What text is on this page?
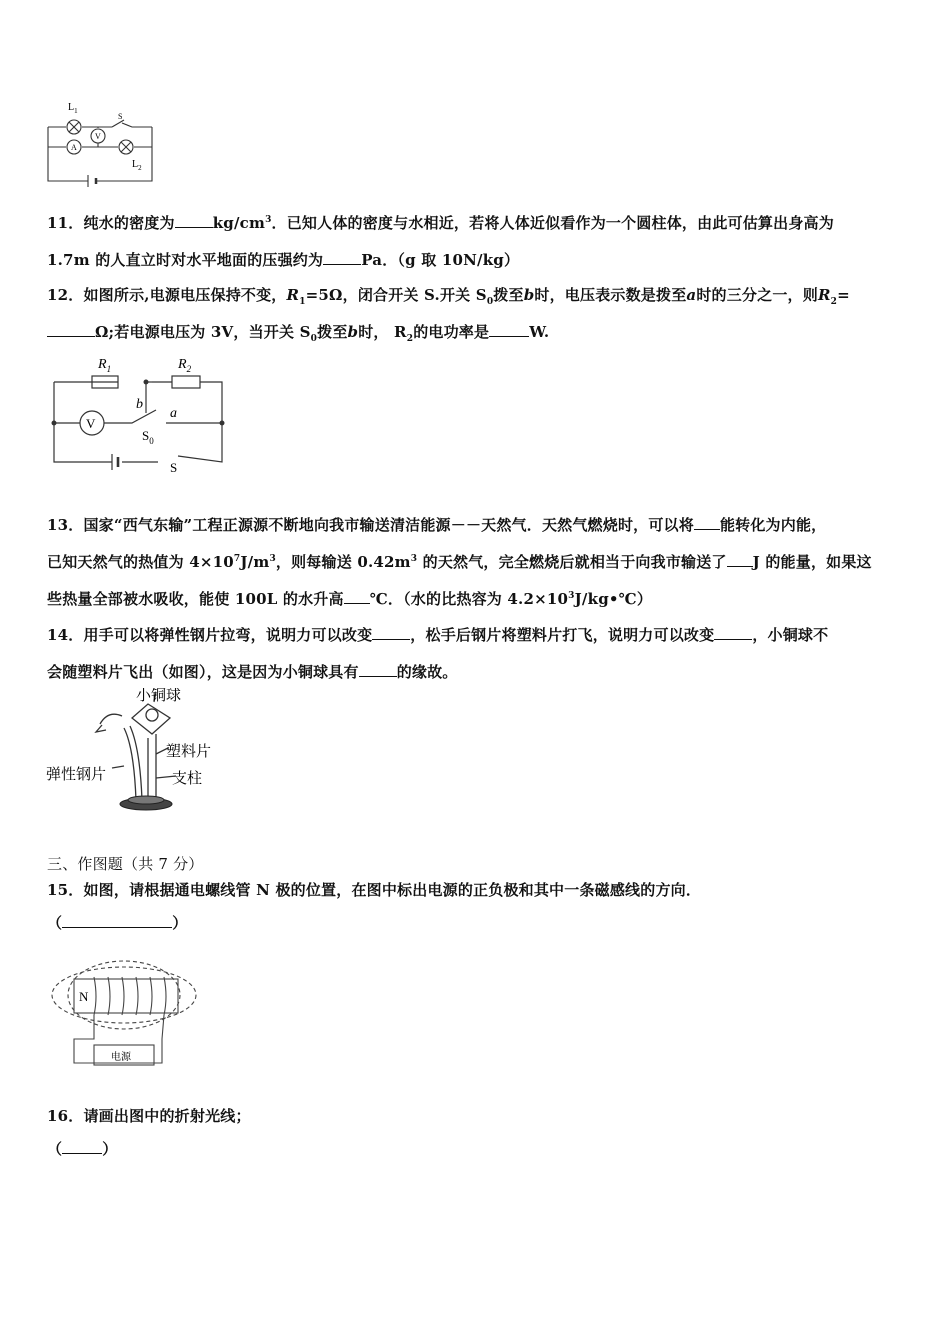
$L_1$
V
A
S
$L_2$
11．纯水的密度为	$kg/cm^3$．已知人体的密度与水相近，若将人体近似看作为一个圆柱体，由此可估算出身高为
1.7m 的人直立时对水平地面的压强约为	Pa．（g 取 10N/kg）
12．如图所示,电源电压保持不变，$R_1=5\Omega$，闭合开关 S.开关 $S_0$拨至b时，电压表示数是拨至a时的三分之一，则$R_2=$
Ω;若电源电压为 3V，当开关 $S_0$拨至b时， $R_2$的电功率是	W.
$R_1$	$R_2$
V
b
a
$S_0$
S
13．国家“西气东输”工程正源源不断地向我市输送清洁能源－－天然气．天然气燃烧时，可以将 能转化为内能，
已知天然气的热值为 $4\times 10^7J/m^3$，则每输送 $0.42m^3$ 的天然气，完全燃烧后就相当于向我市输送了 J 的能量，如果这
些热量全部被水吸收，能使 100L 的水升高 ℃．（水的比热容为 $4.2\times 10^3J/kg•℃$）
14．用手可以将弹性钢片拉弯，说明力可以改变	，松手后钢片将塑料片打飞，说明力可以改变	，小铜球不
会随塑料片飞出（如图），这是因为小铜球具有	的缘故。
小铜球
塑料片
支柱
弹性钢片
三、作图题（共 7 分）
15．如图，请根据通电螺线管 N 极的位置，在图中标出电源的正负极和其中一条磁感线的方向．
（	）
N
电源
16．请画出图中的折射光线；
（	）
